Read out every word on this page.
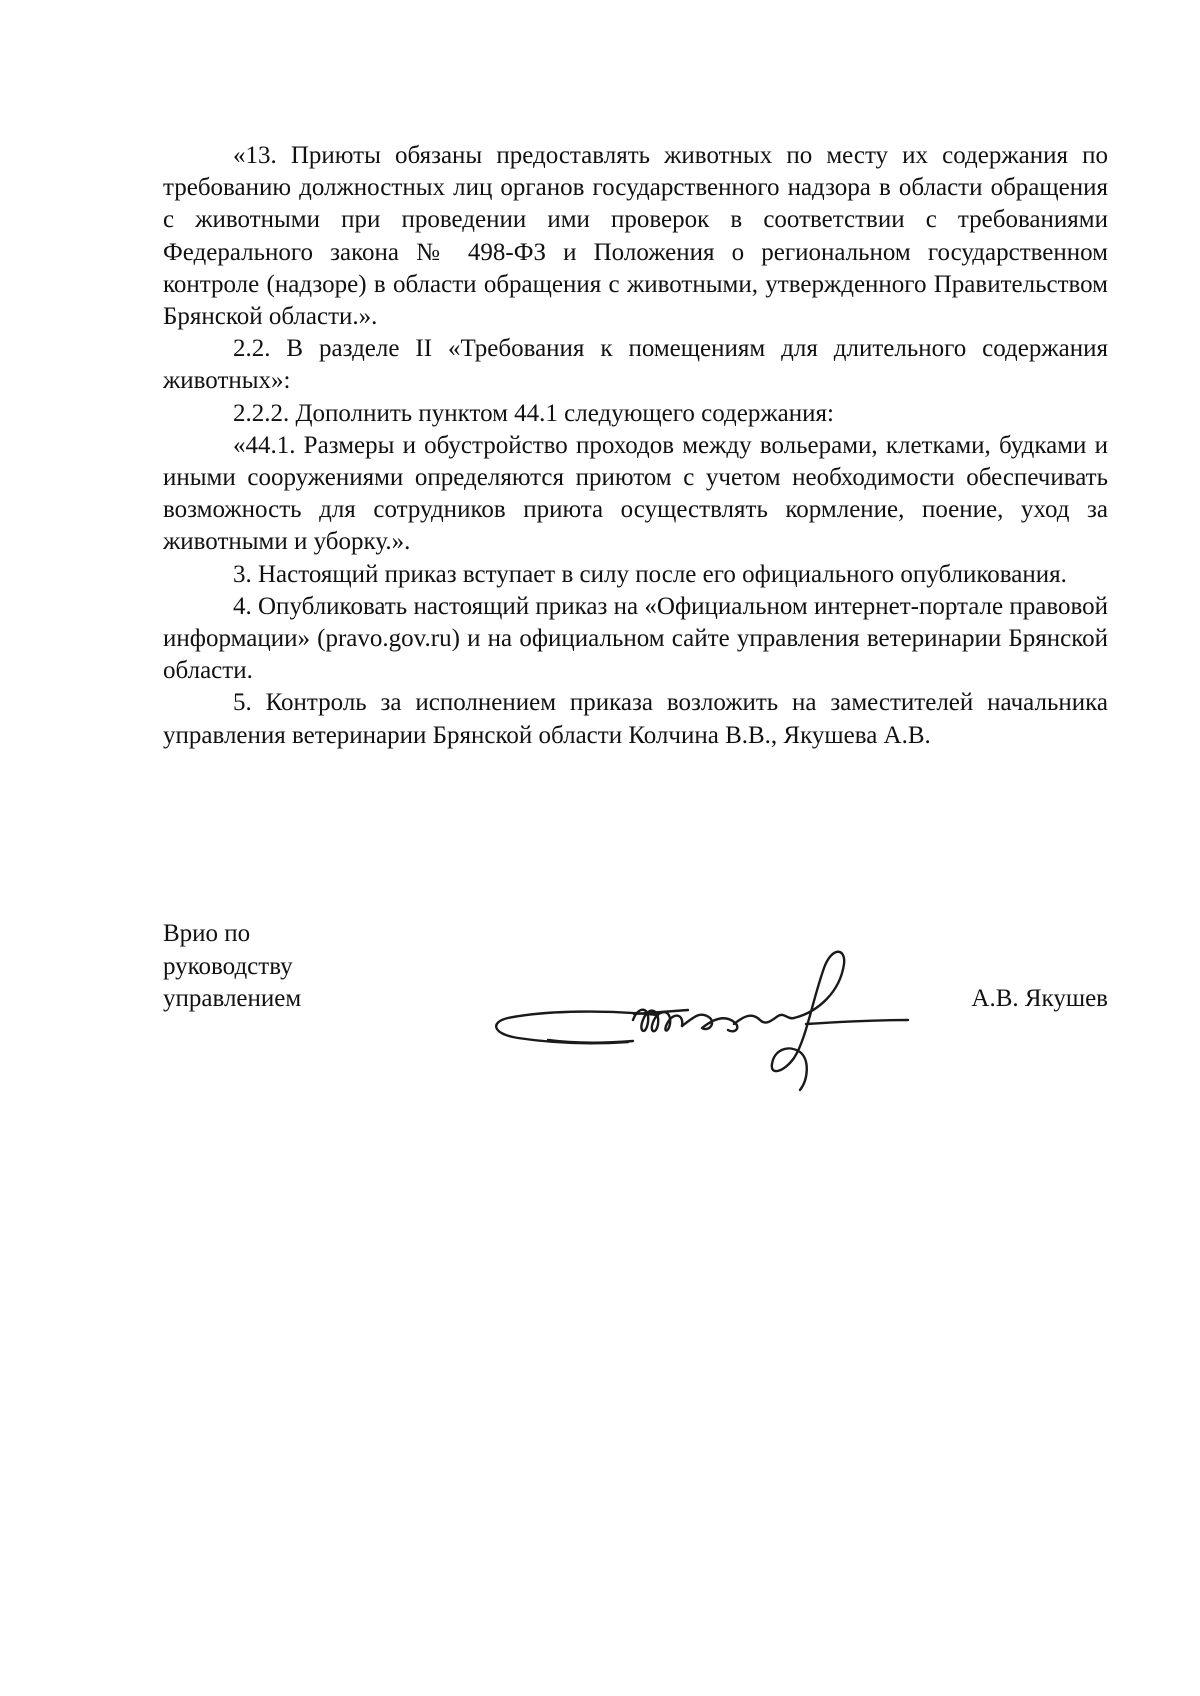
«13. Приюты обязаны предоставлять животных по месту их содержания по требованию должностных лиц органов государственного надзора в области обращения с животными при проведении ими проверок в соответствии с требованиями Федерального закона № 498-ФЗ и Положения о региональном государственном контроле (надзоре) в области обращения с животными, утвержденного Правительством Брянской области.».

2.2. В разделе II «Требования к помещениям для длительного содержания животных»:

2.2.2. Дополнить пунктом 44.1 следующего содержания:

«44.1. Размеры и обустройство проходов между вольерами, клетками, будками и иными сооружениями определяются приютом с учетом необходимости обеспечивать возможность для сотрудников приюта осуществлять кормление, поение, уход за животными и уборку.».

3. Настоящий приказ вступает в силу после его официального опубликования.

4. Опубликовать настоящий приказ на «Официальном интернет-портале правовой информации» (pravo.gov.ru) и на официальном сайте управления ветеринарии Брянской области.

5. Контроль за исполнением приказа возложить на заместителей начальника управления ветеринарии Брянской области Колчина В.В., Якушева А.В.

Врио по
руководству
управлением	А.В. Якушев
